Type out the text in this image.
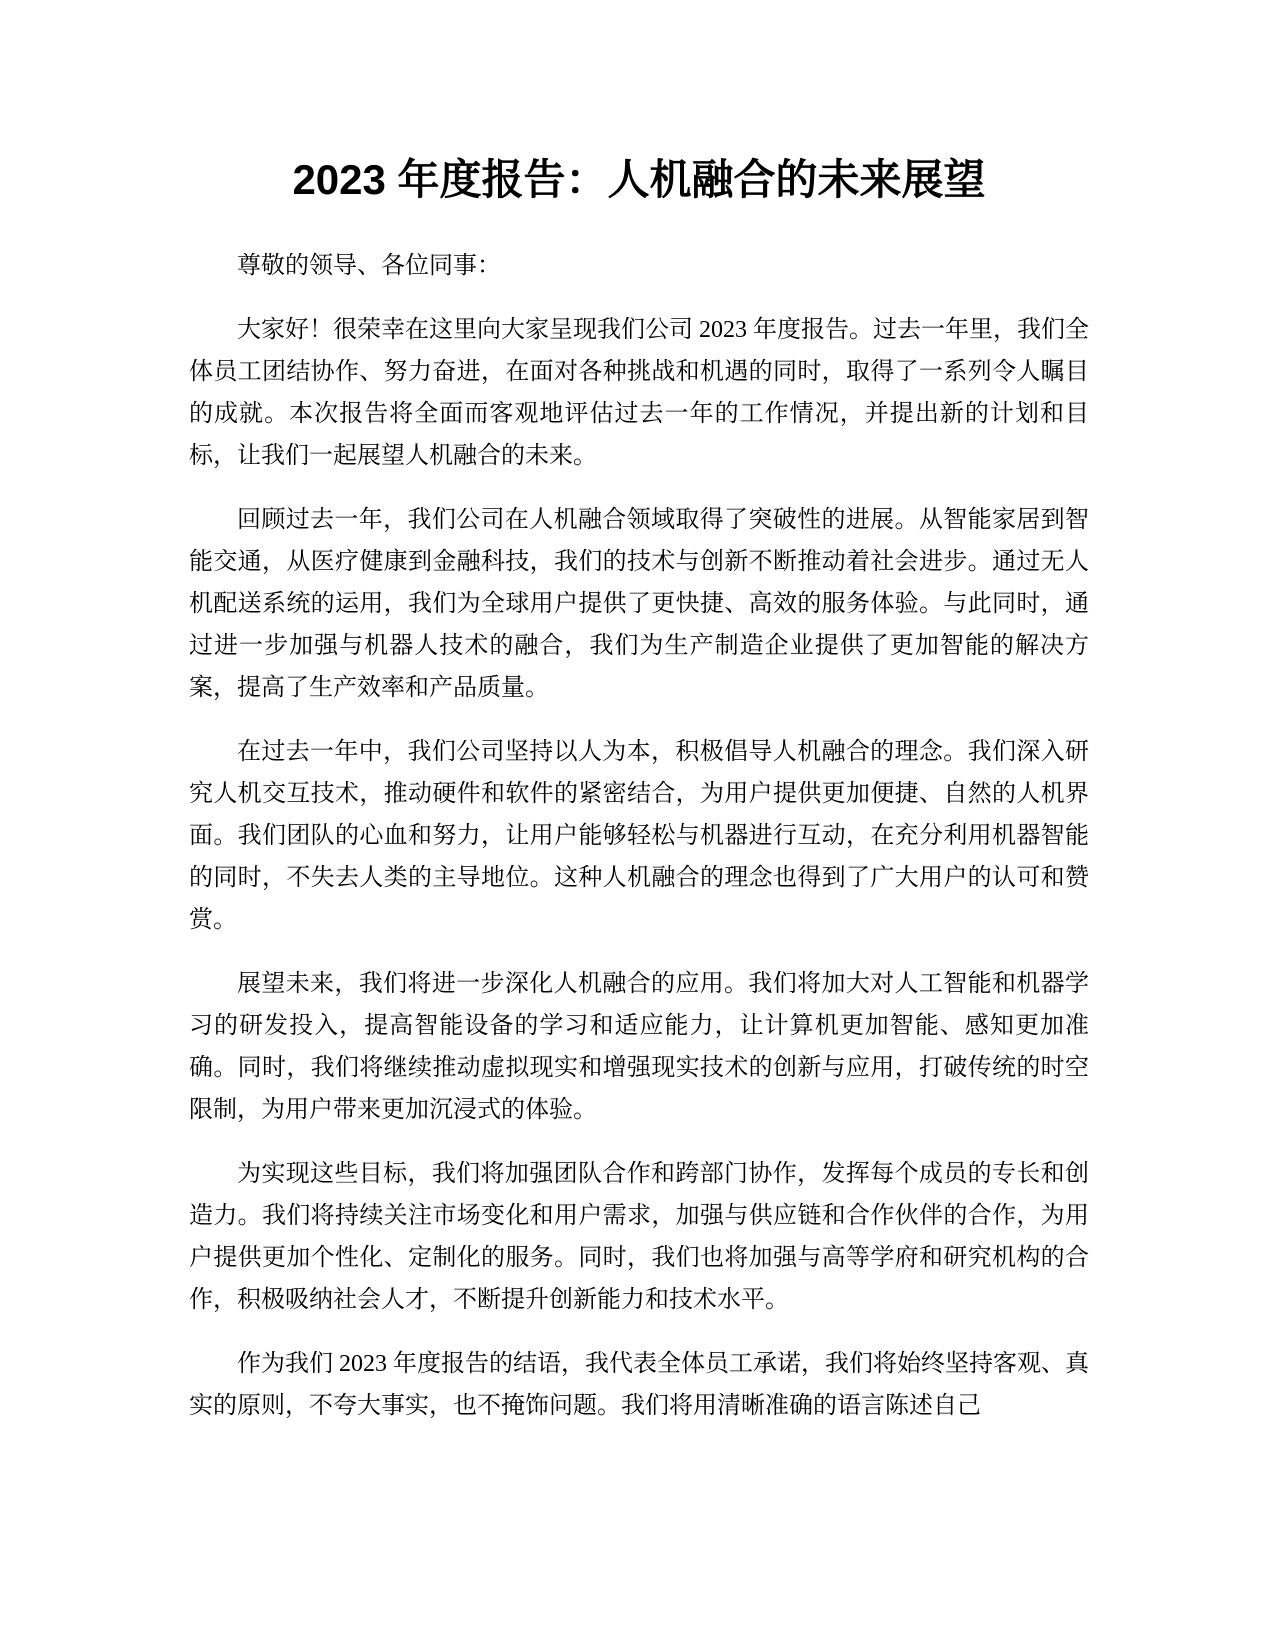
2023 年度报告：人机融合的未来展望

尊敬的领导、各位同事：

大家好！很荣幸在这里向大家呈现我们公司 2023 年度报告。过去一年里，我们全体员工团结协作、努力奋进，在面对各种挑战和机遇的同时，取得了一系列令人瞩目的成就。本次报告将全面而客观地评估过去一年的工作情况，并提出新的计划和目标，让我们一起展望人机融合的未来。

回顾过去一年，我们公司在人机融合领域取得了突破性的进展。从智能家居到智能交通，从医疗健康到金融科技，我们的技术与创新不断推动着社会进步。通过无人机配送系统的运用，我们为全球用户提供了更快捷、高效的服务体验。与此同时，通过进一步加强与机器人技术的融合，我们为生产制造企业提供了更加智能的解决方案，提高了生产效率和产品质量。

在过去一年中，我们公司坚持以人为本，积极倡导人机融合的理念。我们深入研究人机交互技术，推动硬件和软件的紧密结合，为用户提供更加便捷、自然的人机界面。我们团队的心血和努力，让用户能够轻松与机器进行互动，在充分利用机器智能的同时，不失去人类的主导地位。这种人机融合的理念也得到了广大用户的认可和赞赏。

展望未来，我们将进一步深化人机融合的应用。我们将加大对人工智能和机器学习的研发投入，提高智能设备的学习和适应能力，让计算机更加智能、感知更加准确。同时，我们将继续推动虚拟现实和增强现实技术的创新与应用，打破传统的时空限制，为用户带来更加沉浸式的体验。

为实现这些目标，我们将加强团队合作和跨部门协作，发挥每个成员的专长和创造力。我们将持续关注市场变化和用户需求，加强与供应链和合作伙伴的合作，为用户提供更加个性化、定制化的服务。同时，我们也将加强与高等学府和研究机构的合作，积极吸纳社会人才，不断提升创新能力和技术水平。

作为我们 2023 年度报告的结语，我代表全体员工承诺，我们将始终坚持客观、真实的原则，不夸大事实，也不掩饰问题。我们将用清晰准确的语言陈述自己
